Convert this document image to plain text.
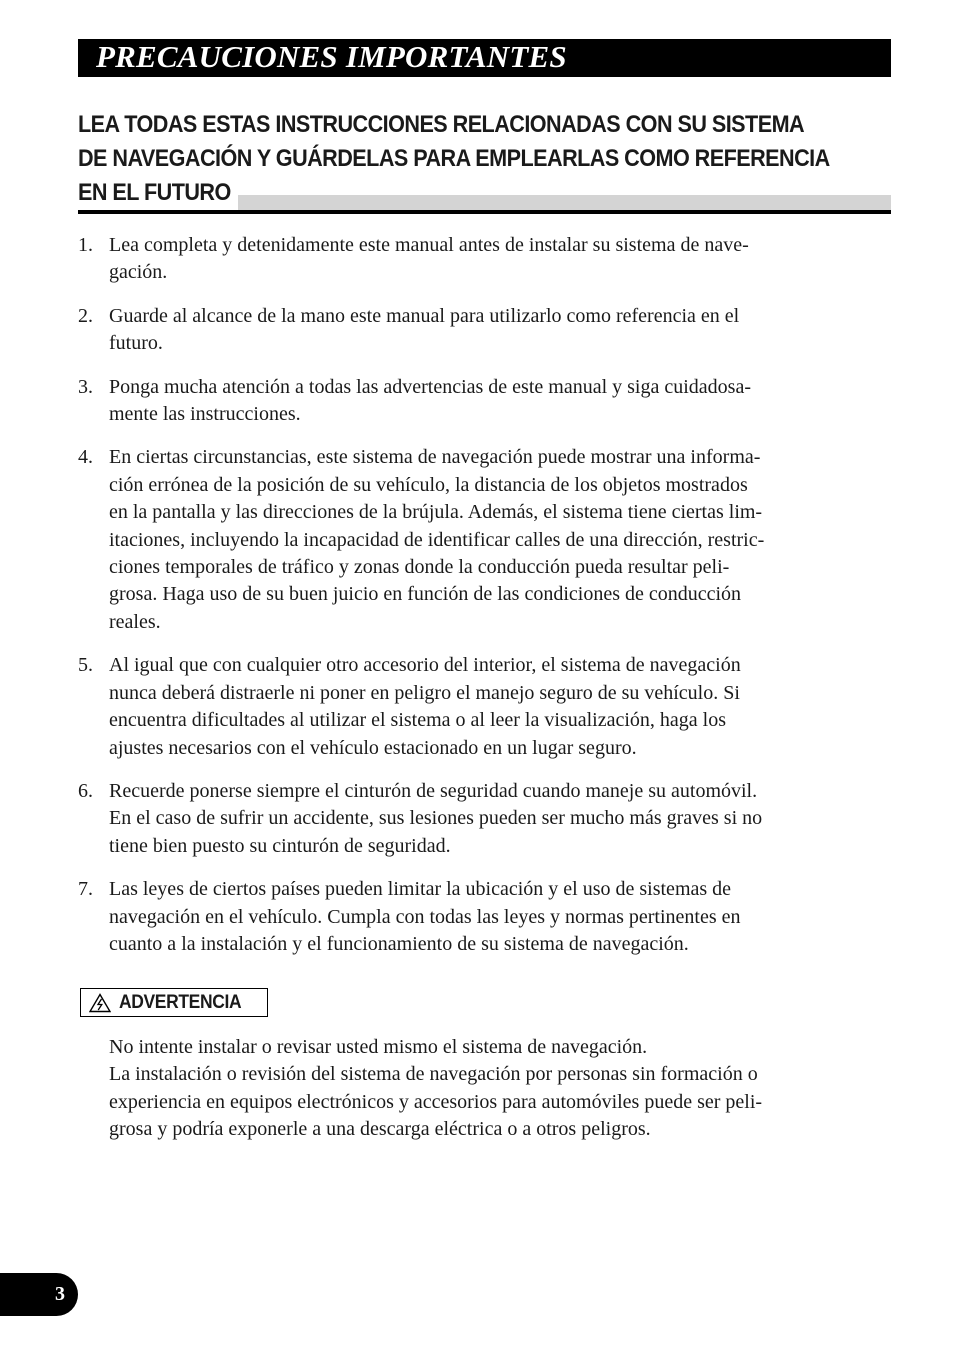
PRECAUCIONES IMPORTANTES
LEA TODAS ESTAS INSTRUCCIONES RELACIONADAS CON SU SISTEMA
DE NAVEGACIÓN Y GUÁRDELAS PARA EMPLEARLAS COMO REFERENCIA
EN EL FUTURO
1. Lea completa y detenidamente este manual antes de instalar su sistema de nave-
gación.
2. Guarde al alcance de la mano este manual para utilizarlo como referencia en el
futuro.
3. Ponga mucha atención a todas las advertencias de este manual y siga cuidadosa-
mente las instrucciones.
4. En ciertas circunstancias, este sistema de navegación puede mostrar una informa-
ción errónea de la posición de su vehículo, la distancia de los objetos mostrados
en la pantalla y las direcciones de la brújula. Además, el sistema tiene ciertas lim-
itaciones, incluyendo la incapacidad de identificar calles de una dirección, restric-
ciones temporales de tráfico y zonas donde la conducción pueda resultar peli-
grosa. Haga uso de su buen juicio en función de las condiciones de conducción
reales.
5. Al igual que con cualquier otro accesorio del interior, el sistema de navegación
nunca deberá distraerle ni poner en peligro el manejo seguro de su vehículo. Si
encuentra dificultades al utilizar el sistema o al leer la visualización, haga los
ajustes necesarios con el vehículo estacionado en un lugar seguro.
6. Recuerde ponerse siempre el cinturón de seguridad cuando maneje su automóvil.
En el caso de sufrir un accidente, sus lesiones pueden ser mucho más graves si no
tiene bien puesto su cinturón de seguridad.
7. Las leyes de ciertos países pueden limitar la ubicación y el uso de sistemas de
navegación en el vehículo. Cumpla con todas las leyes y normas pertinentes en
cuanto a la instalación y el funcionamiento de su sistema de navegación.
ADVERTENCIA
No intente instalar o revisar usted mismo el sistema de navegación.
La instalación o revisión del sistema de navegación por personas sin formación o
experiencia en equipos electrónicos y accesorios para automóviles puede ser peli-
grosa y podría exponerle a una descarga eléctrica o a otros peligros.
3
